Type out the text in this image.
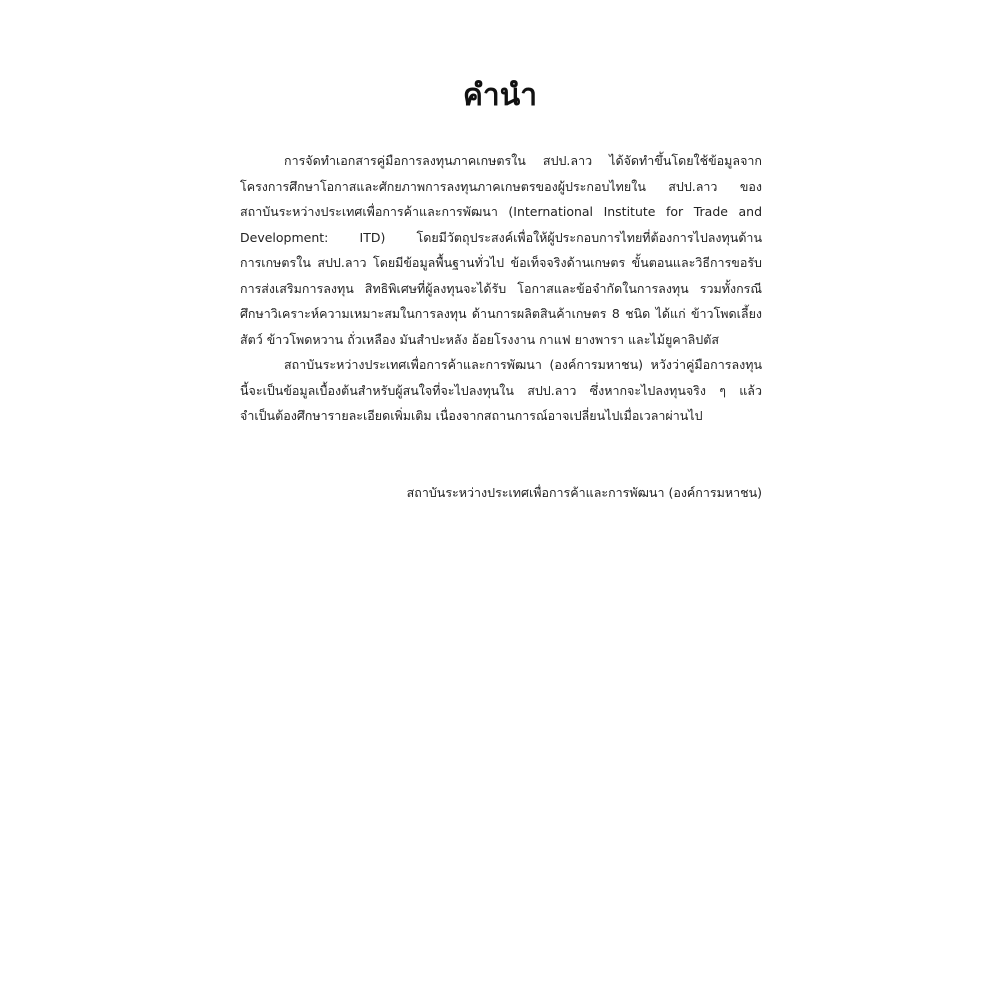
คำนำ

การจัดทำเอกสารคู่มือการลงทุนภาคเกษตรใน สปป.ลาว ได้จัดทำขึ้นโดยใช้ข้อมูลจากโครงการศึกษาโอกาสและศักยภาพการลงทุนภาคเกษตรของผู้ประกอบไทยใน สปป.ลาว ของสถาบันระหว่างประเทศเพื่อการค้าและการพัฒนา (International Institute for Trade and Development: ITD) โดยมีวัตถุประสงค์เพื่อให้ผู้ประกอบการไทยที่ต้องการไปลงทุนด้านการเกษตรใน สปป.ลาว โดยมีข้อมูลพื้นฐานทั่วไป ข้อเท็จจริงด้านเกษตร ขั้นตอนและวิธีการขอรับการส่งเสริมการลงทุน สิทธิพิเศษที่ผู้ลงทุนจะได้รับ โอกาสและข้อจำกัดในการลงทุน รวมทั้งกรณีศึกษาวิเคราะห์ความเหมาะสมในการลงทุน ด้านการผลิตสินค้าเกษตร 8 ชนิด ได้แก่ ข้าวโพดเลี้ยงสัตว์ ข้าวโพดหวาน ถั่วเหลือง มันสำปะหลัง อ้อยโรงงาน กาแฟ ยางพารา และไม้ยูคาลิปตัส

สถาบันระหว่างประเทศเพื่อการค้าและการพัฒนา (องค์การมหาชน) หวังว่าคู่มือการลงทุนนี้จะเป็นข้อมูลเบื้องต้นสำหรับผู้สนใจที่จะไปลงทุนใน สปป.ลาว ซึ่งหากจะไปลงทุนจริง ๆ แล้ว จำเป็นต้องศึกษารายละเอียดเพิ่มเติม เนื่องจากสถานการณ์อาจเปลี่ยนไปเมื่อเวลาผ่านไป

สถาบันระหว่างประเทศเพื่อการค้าและการพัฒนา (องค์การมหาชน)
